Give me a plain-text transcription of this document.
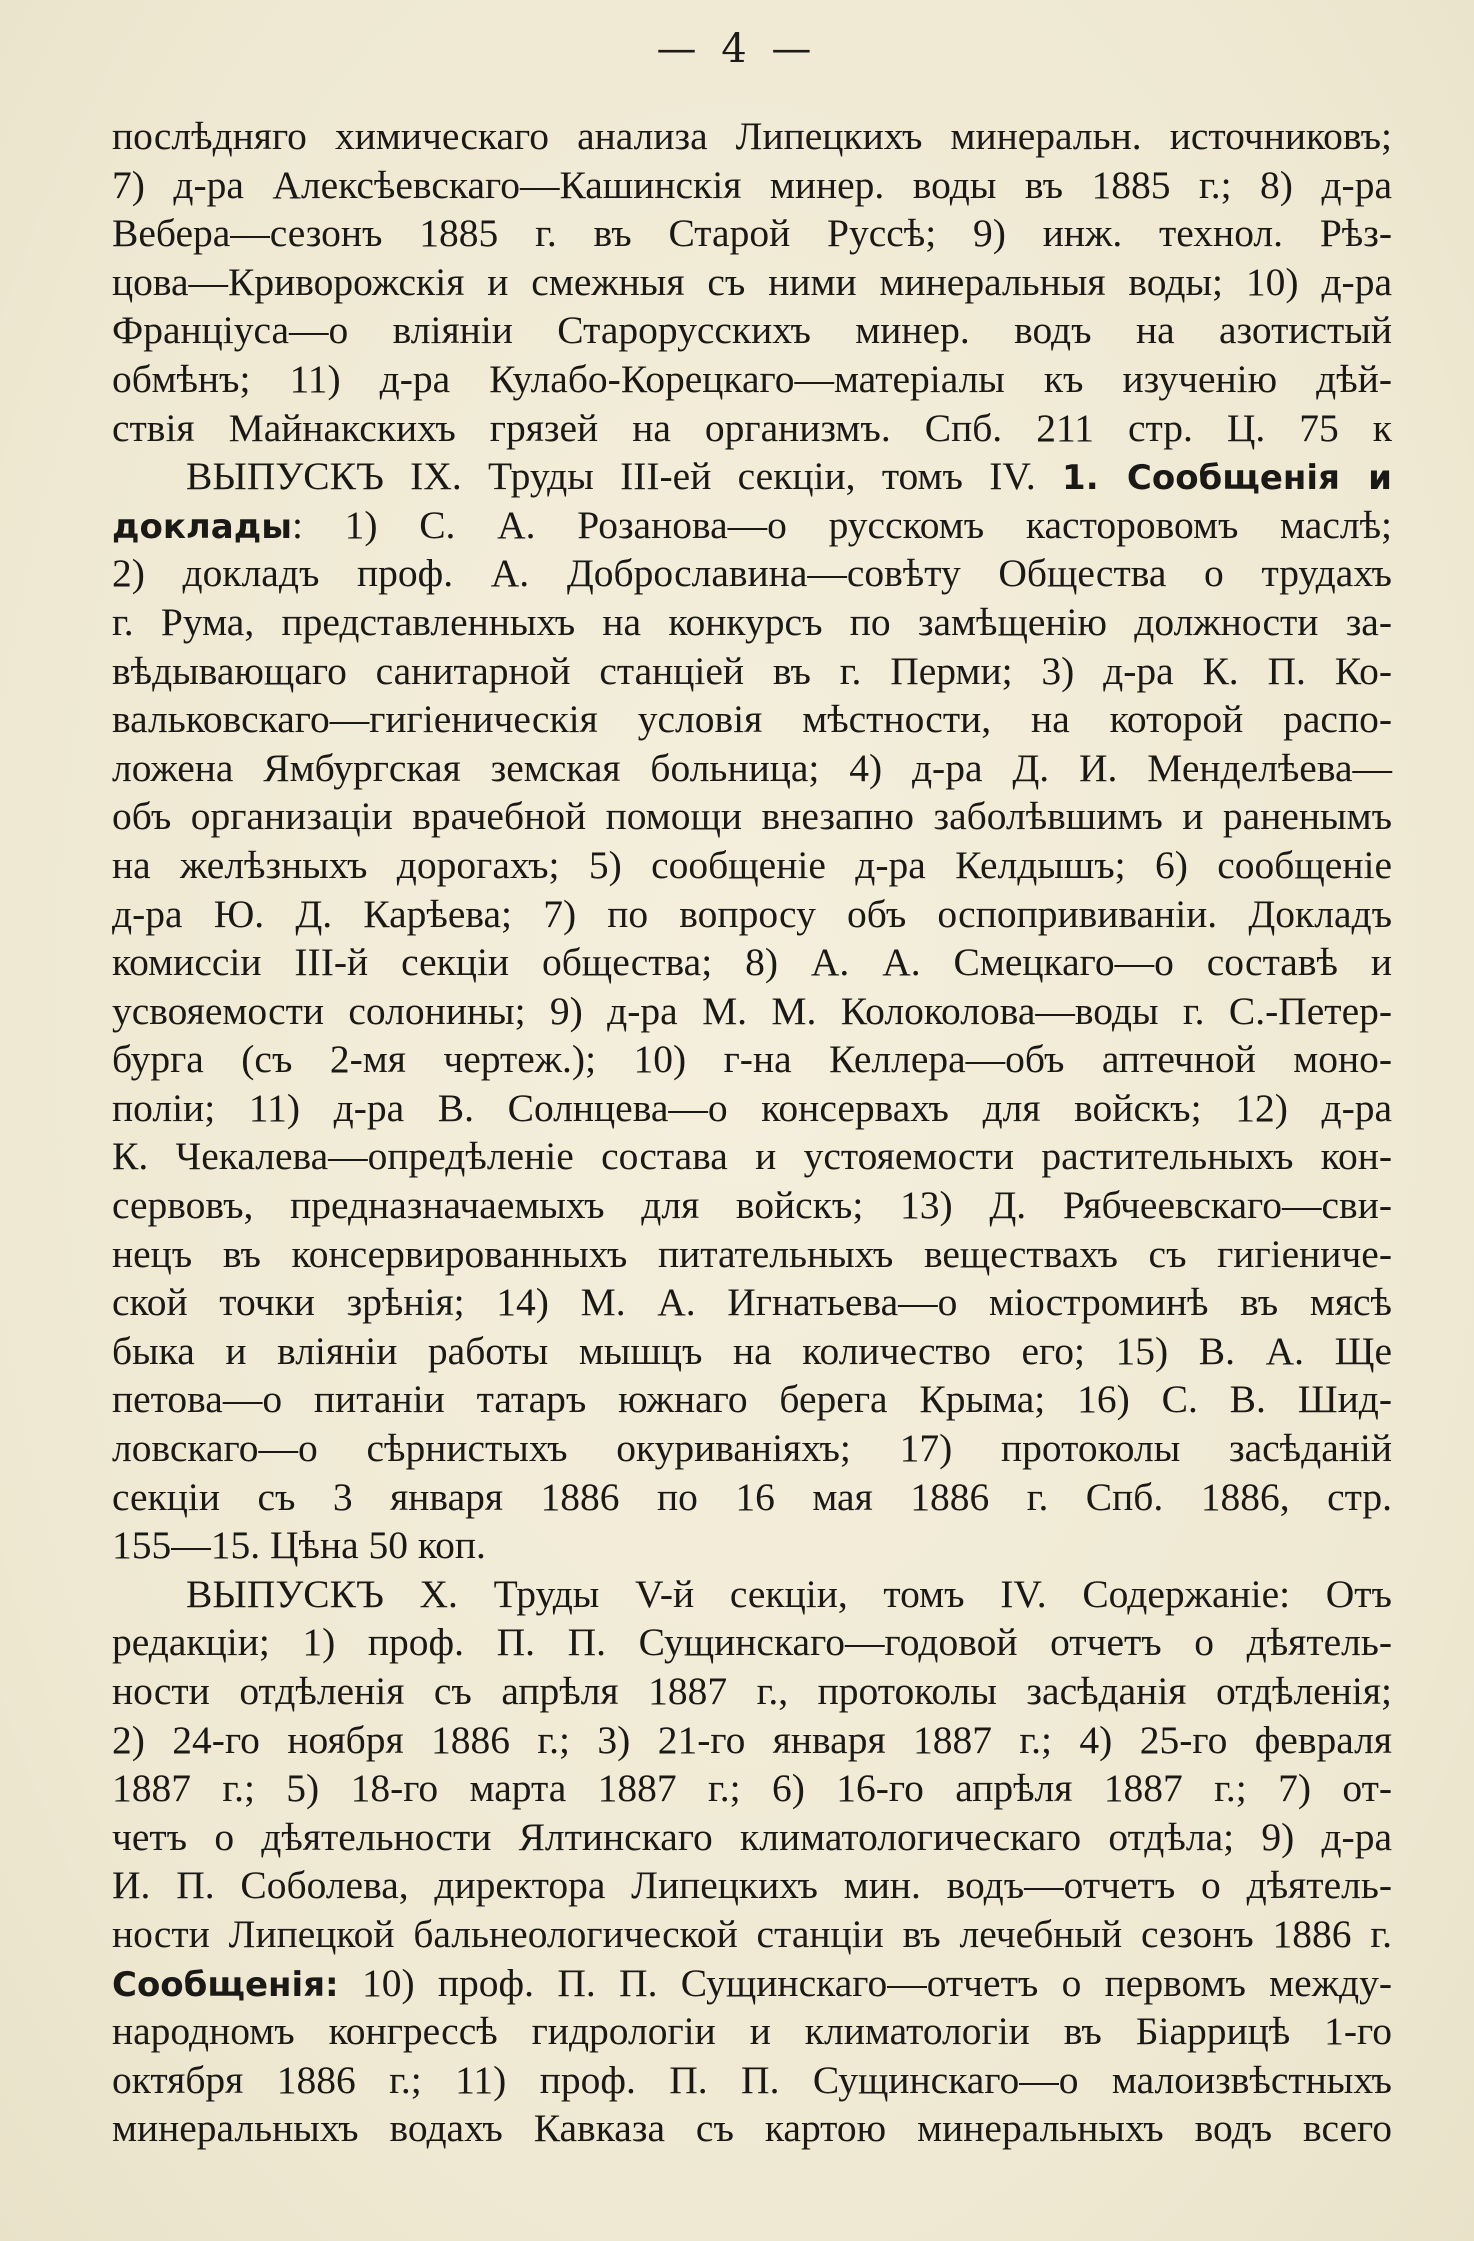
— 4 —
послѣдняго химическаго анализа Липецкихъ минеральн. источниковъ;
7) д-ра Алексѣевскаго—Кашинскія минер. воды въ 1885 г.; 8) д-ра
Вебера—сезонъ 1885 г. въ Старой Руссѣ; 9) инж. технол. Рѣз-
цова—Криворожскія и смежныя съ ними минеральныя воды; 10) д-ра
Франціуса—о вліяніи Старорусскихъ минер. водъ на азотистый
обмѣнъ; 11) д-ра Кулабо-Корецкаго—матеріалы къ изученію дѣй-
ствія Майнакскихъ грязей на организмъ. Спб. 211 стр. Ц. 75 к
ВЫПУСКЪ IX. Труды III-ей секціи, томъ IV. 1. Сообщенія и
доклады: 1) С. А. Розанова—о русскомъ касторовомъ маслѣ;
2) докладъ проф. А. Доброславина—совѣту Общества о трудахъ
г. Рума, представленныхъ на конкурсъ по замѣщенію должности за-
вѣдывающаго санитарной станціей въ г. Перми; 3) д-ра К. П. Ко-
вальковскаго—гигіеническія условія мѣстности, на которой распо-
ложена Ямбургская земская больница; 4) д-ра Д. И. Менделѣева—
объ организаціи врачебной помощи внезапно заболѣвшимъ и раненымъ
на желѣзныхъ дорогахъ; 5) сообщеніе д-ра Келдышъ; 6) сообщеніе
д-ра Ю. Д. Карѣева; 7) по вопросу объ оспопрививаніи. Докладъ
комиссіи III-й секціи общества; 8) А. А. Смецкаго—о составѣ и
усвояемости солонины; 9) д-ра М. М. Колоколова—воды г. С.-Петер-
бурга (съ 2-мя чертеж.); 10) г-на Келлера—объ аптечной моно-
поліи; 11) д-ра В. Солнцева—о консервахъ для войскъ; 12) д-ра
К. Чекалева—опредѣленіе состава и устояемости растительныхъ кон-
сервовъ, предназначаемыхъ для войскъ; 13) Д. Рябчеевскаго—сви-
нецъ въ консервированныхъ питательныхъ веществахъ съ гигіениче-
ской точки зрѣнія; 14) М. А. Игнатьева—о міостроминѣ въ мясѣ
быка и вліяніи работы мышцъ на количество его; 15) В. А. Ще
петова—о питаніи татаръ южнаго берега Крыма; 16) С. В. Шид-
ловскаго—о сѣрнистыхъ окуриваніяхъ; 17) протоколы засѣданій
секціи съ 3 января 1886 по 16 мая 1886 г. Спб. 1886, стр.
155—15. Цѣна 50 коп.
ВЫПУСКЪ X. Труды V-й секціи, томъ IV. Содержаніе: Отъ
редакціи; 1) проф. П. П. Сущинскаго—годовой отчетъ о дѣятель-
ности отдѣленія съ апрѣля 1887 г., протоколы засѣданія отдѣленія;
2) 24-го ноября 1886 г.; 3) 21-го января 1887 г.; 4) 25-го февраля
1887 г.; 5) 18-го марта 1887 г.; 6) 16-го апрѣля 1887 г.; 7) от-
четъ о дѣятельности Ялтинскаго климатологическаго отдѣла; 9) д-ра
И. П. Соболева, директора Липецкихъ мин. водъ—отчетъ о дѣятель-
ности Липецкой бальнеологической станціи въ лечебный сезонъ 1886 г.
Сообщенія: 10) проф. П. П. Сущинскаго—отчетъ о первомъ между-
народномъ конгрессѣ гидрологіи и климатологіи въ Біаррицѣ 1-го
октября 1886 г.; 11) проф. П. П. Сущинскаго—о малоизвѣстныхъ
минеральныхъ водахъ Кавказа съ картою минеральныхъ водъ всего
